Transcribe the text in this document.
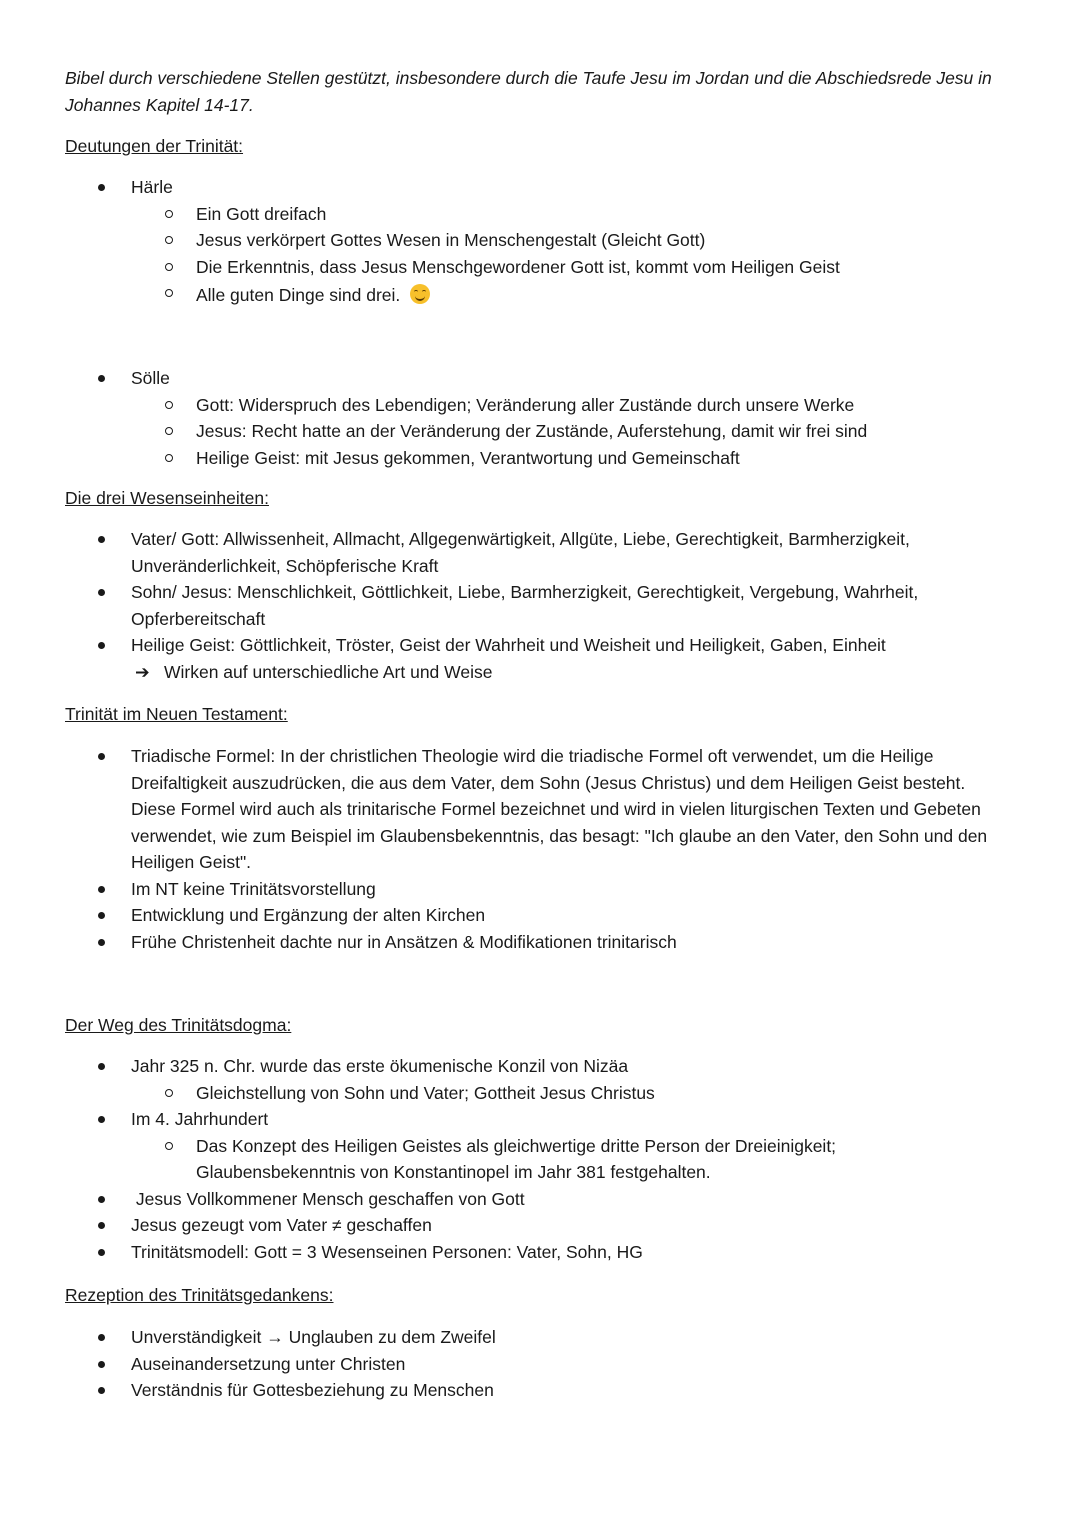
Bibel durch verschiedene Stellen gestützt, insbesondere durch die Taufe Jesu im Jordan und die Abschiedsrede Jesu in Johannes Kapitel 14-17.

Deutungen der Trinität:
Härle
Ein Gott dreifach
Jesus verkörpert Gottes Wesen in Menschengestalt (Gleicht Gott)
Die Erkenntnis, dass Jesus Menschgewordener Gott ist, kommt vom Heiligen Geist
Alle guten Dinge sind drei.
Sölle
Gott: Widerspruch des Lebendigen; Veränderung aller Zustände durch unsere Werke
Jesus: Recht hatte an der Veränderung der Zustände, Auferstehung, damit wir frei sind
Heilige Geist: mit Jesus gekommen, Verantwortung und Gemeinschaft
Die drei Wesenseinheiten:
Vater/ Gott: Allwissenheit, Allmacht, Allgegenwärtigkeit, Allgüte, Liebe, Gerechtigkeit, Barmherzigkeit, Unveränderlichkeit, Schöpferische Kraft
Sohn/ Jesus: Menschlichkeit, Göttlichkeit, Liebe, Barmherzigkeit, Gerechtigkeit, Vergebung, Wahrheit, Opferbereitschaft
Heilige Geist: Göttlichkeit, Tröster, Geist der Wahrheit und Weisheit und Heiligkeit, Gaben, Einheit
➔ Wirken auf unterschiedliche Art und Weise
Trinität im Neuen Testament:
Triadische Formel: In der christlichen Theologie wird die triadische Formel oft verwendet, um die Heilige Dreifaltigkeit auszudrücken, die aus dem Vater, dem Sohn (Jesus Christus) und dem Heiligen Geist besteht. Diese Formel wird auch als trinitarische Formel bezeichnet und wird in vielen liturgischen Texten und Gebeten verwendet, wie zum Beispiel im Glaubensbekenntnis, das besagt: "Ich glaube an den Vater, den Sohn und den Heiligen Geist".
Im NT keine Trinitätsvorstellung
Entwicklung und Ergänzung der alten Kirchen
Frühe Christenheit dachte nur in Ansätzen & Modifikationen trinitarisch
Der Weg des Trinitätsdogma:
Jahr 325 n. Chr. wurde das erste ökumenische Konzil von Nizäa
Gleichstellung von Sohn und Vater; Gottheit Jesus Christus
Im 4. Jahrhundert
Das Konzept des Heiligen Geistes als gleichwertige dritte Person der Dreieinigkeit; Glaubensbekenntnis von Konstantinopel im Jahr 381 festgehalten.
Jesus Vollkommener Mensch geschaffen von Gott
Jesus gezeugt vom Vater ≠ geschaffen
Trinitätsmodell: Gott = 3 Wesenseinen Personen: Vater, Sohn, HG
Rezeption des Trinitätsgedankens:
Unverständigkeit → Unglauben zu dem Zweifel
Auseinandersetzung unter Christen
Verständnis für Gottesbeziehung zu Menschen
